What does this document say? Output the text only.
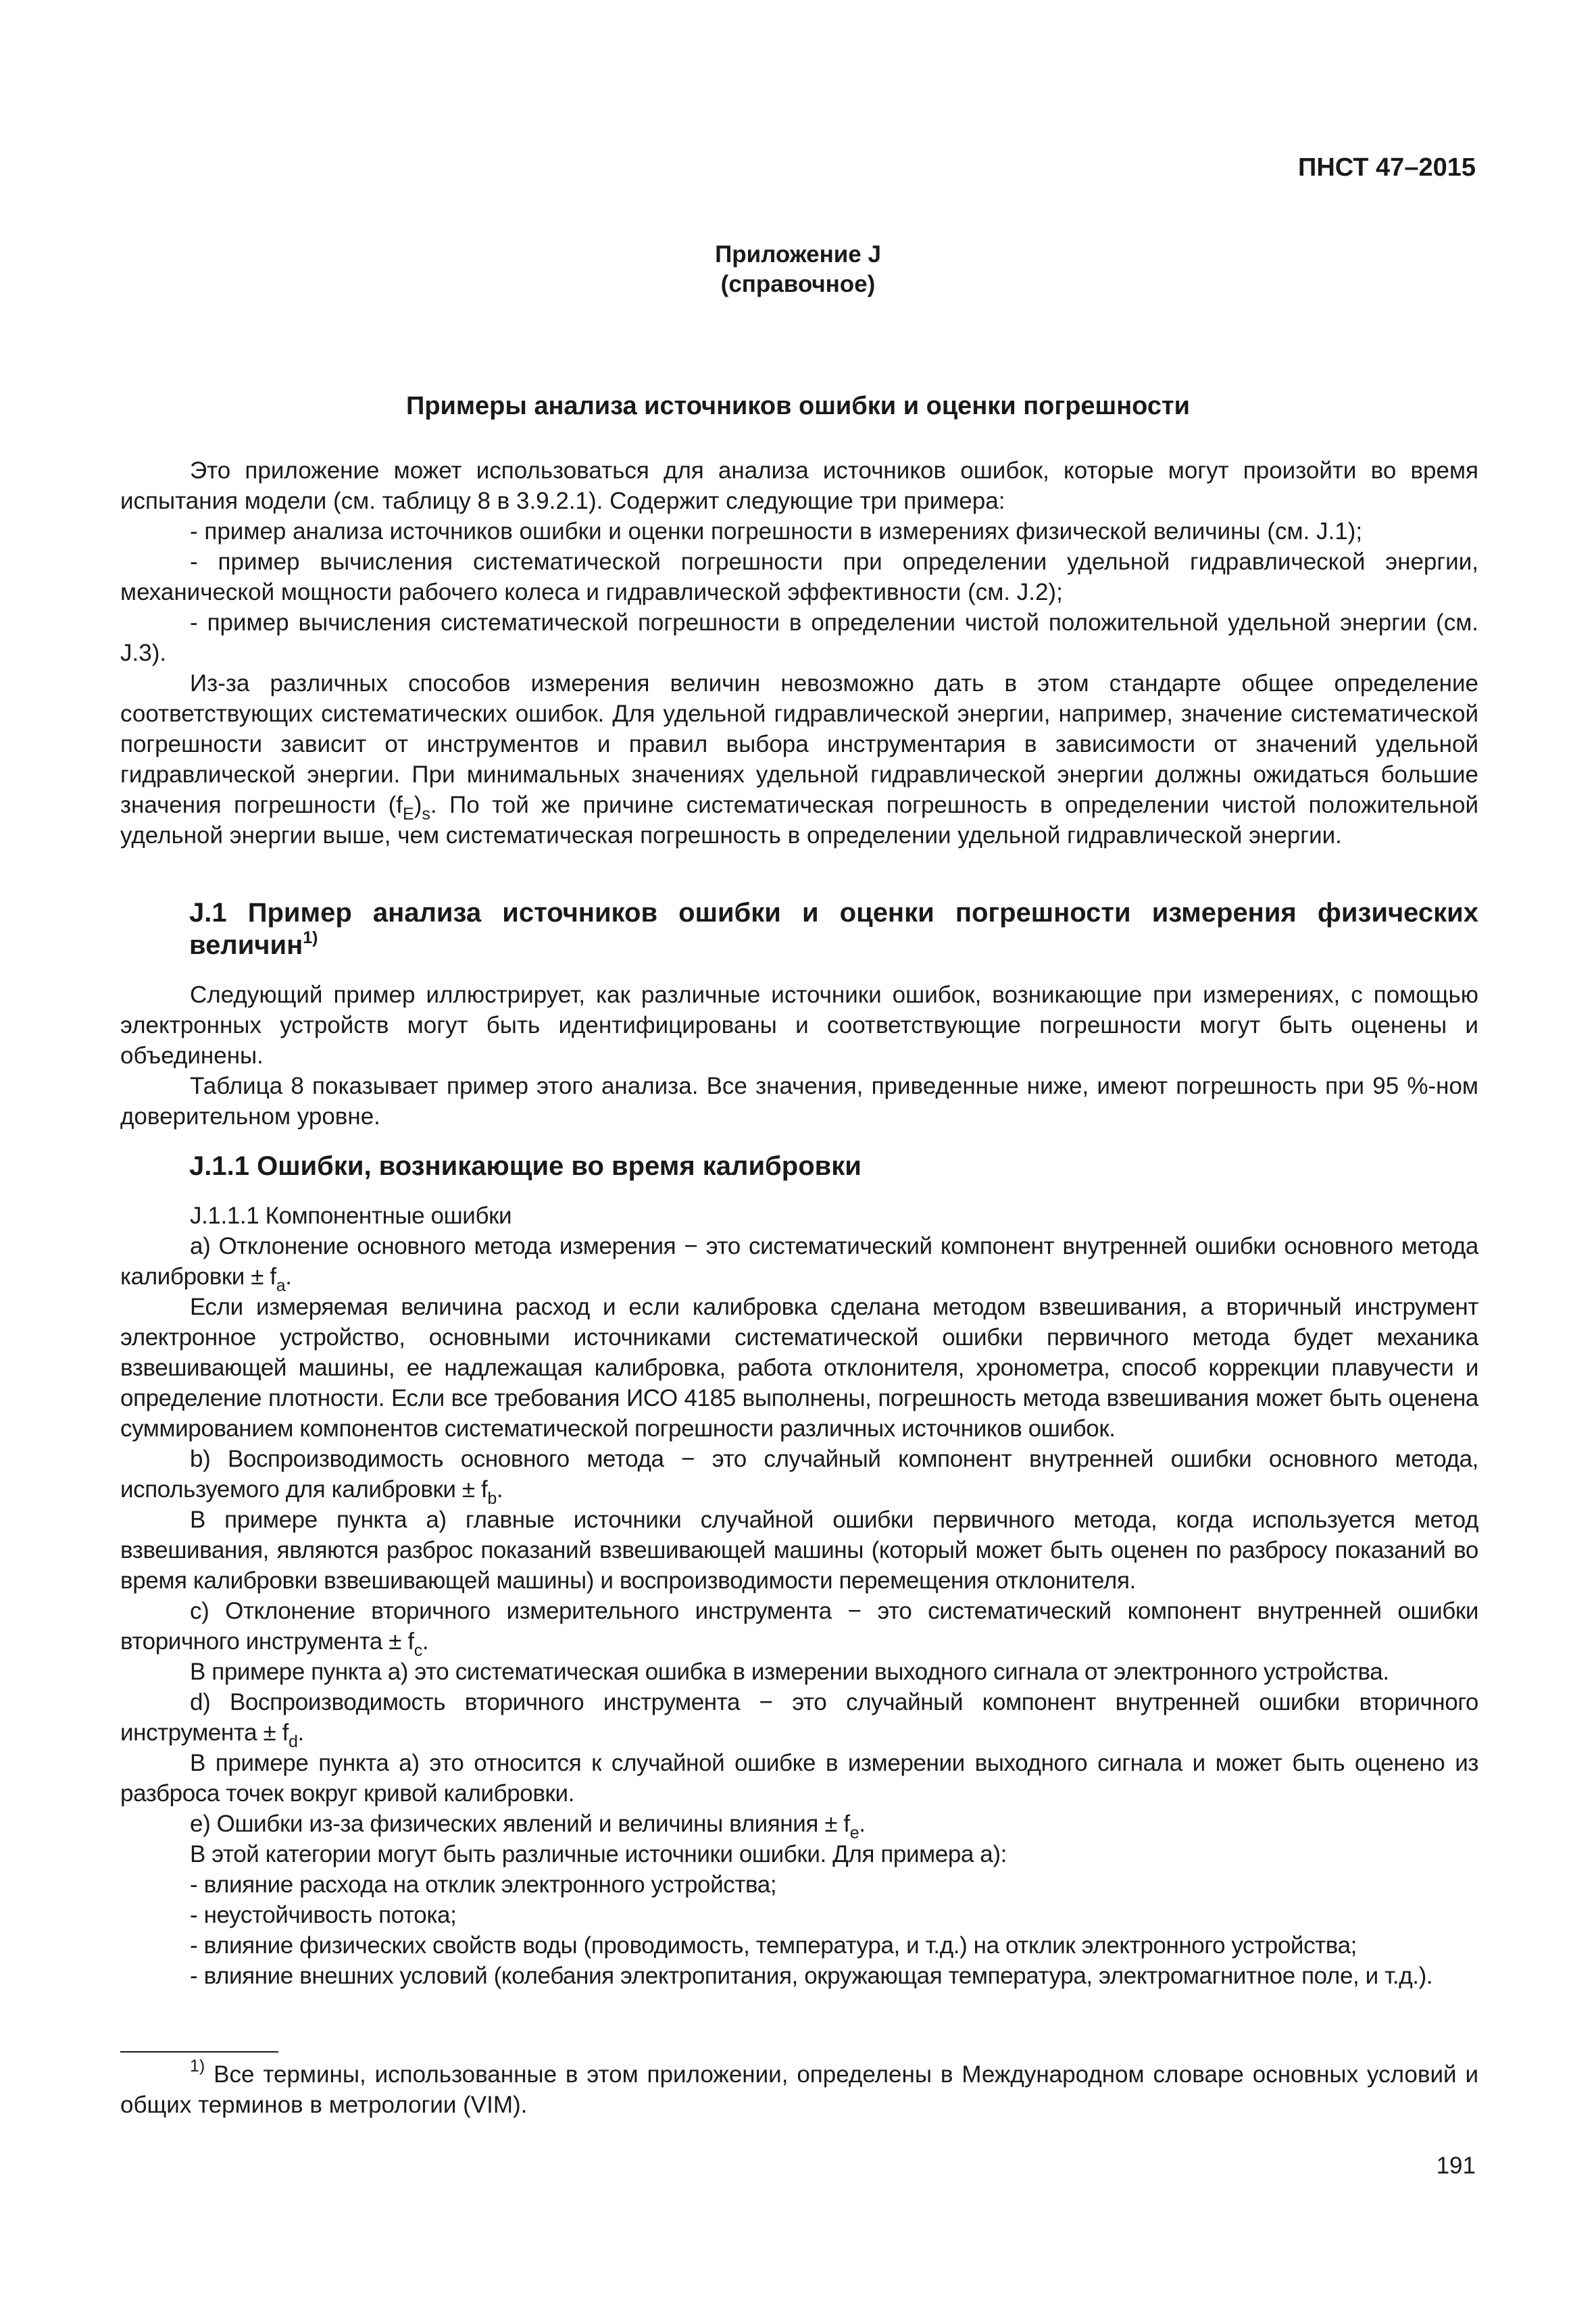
ПНСТ 47–2015

Приложение J
(справочное)

Примеры анализа источников ошибки и оценки погрешности

Это приложение может использоваться для анализа источников ошибок, которые могут произойти во время испытания модели (см. таблицу 8 в 3.9.2.1). Содержит следующие три примера:

- пример анализа источников ошибки и оценки погрешности в измерениях физической величины (см. J.1);

- пример вычисления систематической погрешности при определении удельной гидравлической энергии, механической мощности рабочего колеса и гидравлической эффективности (см. J.2);

- пример вычисления систематической погрешности в определении чистой положительной удельной энергии (см. J.3).

Из-за различных способов измерения величин невозможно дать в этом стандарте общее определение соответствующих систематических ошибок. Для удельной гидравлической энергии, например, значение систематической погрешности зависит от инструментов и правил выбора инструментария в зависимости от значений удельной гидравлической энергии. При минимальных значениях удельной гидравлической энергии должны ожидаться большие значения погрешности $(f_E)_s$. По той же причине систематическая погрешность в определении чистой положительной удельной энергии выше, чем систематическая погрешность в определении удельной гидравлической энергии.

J.1 Пример анализа источников ошибки и оценки погрешности измерения физических величин$^{1)}$

Следующий пример иллюстрирует, как различные источники ошибок, возникающие при измерениях, с помощью электронных устройств могут быть идентифицированы и соответствующие погрешности могут быть оценены и объединены.

Таблица 8 показывает пример этого анализа. Все значения, приведенные ниже, имеют погрешность при 95 %-ном доверительном уровне.

J.1.1 Ошибки, возникающие во время калибровки

J.1.1.1 Компонентные ошибки

а) Отклонение основного метода измерения − это систематический компонент внутренней ошибки основного метода калибровки ± $f_a$.

Если измеряемая величина расход и если калибровка сделана методом взвешивания, а вторичный инструмент электронное устройство, основными источниками систематической ошибки первичного метода будет механика взвешивающей машины, ее надлежащая калибровка, работа отклонителя, хронометра, способ коррекции плавучести и определение плотности. Если все требования ИСО 4185 выполнены, погрешность метода взвешивания может быть оценена суммированием компонентов систематической погрешности различных источников ошибок.

b) Воспроизводимость основного метода − это случайный компонент внутренней ошибки основного метода, используемого для калибровки ± $f_b$.

В примере пункта а) главные источники случайной ошибки первичного метода, когда используется метод взвешивания, являются разброс показаний взвешивающей машины (который может быть оценен по разбросу показаний во время калибровки взвешивающей машины) и воспроизводимости перемещения отклонителя.

с) Отклонение вторичного измерительного инструмента − это систематический компонент внутренней ошибки вторичного инструмента ± $f_c$.

В примере пункта а) это систематическая ошибка в измерении выходного сигнала от электронного устройства.

d) Воспроизводимость вторичного инструмента − это случайный компонент внутренней ошибки вторичного инструмента ± $f_d$.

В примере пункта а) это относится к случайной ошибке в измерении выходного сигнала и может быть оценено из разброса точек вокруг кривой калибровки.

е) Ошибки из-за физических явлений и величины влияния ± $f_e$.

В этой категории могут быть различные источники ошибки. Для примера а):

- влияние расхода на отклик электронного устройства;

- неустойчивость потока;

- влияние физических свойств воды (проводимость, температура, и т.д.) на отклик электронного устройства;

- влияние внешних условий (колебания электропитания, окружающая температура, электромагнитное поле, и т.д.).

$^{1)}$ Все термины, использованные в этом приложении, определены в Международном словаре основных условий и общих терминов в метрологии (VIM).

191
